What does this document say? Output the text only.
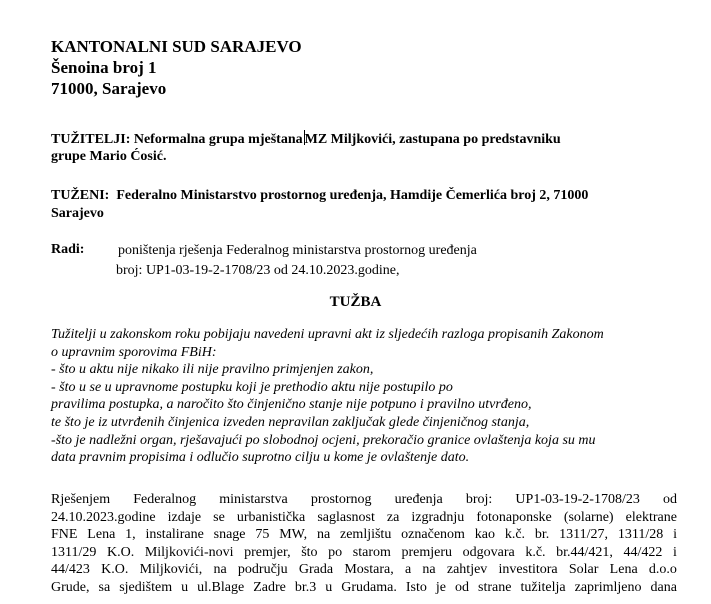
KANTONALNI SUD SARAJEVO
Šenoina broj 1
71000, Sarajevo
TUŽITELJI: Neformalna grupa mještana MZ Miljkovići, zastupana po predstavniku
grupe Mario Ćosić.
TUŽENI: Federalno Ministarstvo prostornog uređenja, Hamdije Čemerlića broj 2, 71000
Sarajevo
Radi: poništenja rješenja Federalnog ministarstva prostornog uređenja
broj: UP1-03-19-2-1708/23 od 24.10.2023.godine,
TUŽBA
Tužitelji u zakonskom roku pobijaju navedeni upravni akt iz sljedećih razloga propisanih Zakonom
o upravnim sporovima FBiH:
- što u aktu nije nikako ili nije pravilno primjenjen zakon,
- što u se u upravnome postupku koji je prethodio aktu nije postupilo po
pravilima postupka, a naročito što činjenično stanje nije potpuno i pravilno utvrđeno,
te što je iz utvrđenih činjenica izveden nepravilan zaključak glede činjeničnog stanja,
-što je nadležni organ, rješavajući po slobodnoj ocjeni, prekoračio granice ovlaštenja koja su mu
data pravnim propisima i odlučio suprotno cilju u kome je ovlaštenje dato.
Rješenjem Federalnog ministarstva prostornog uređenja broj: UP1-03-19-2-1708/23 od
24.10.2023.godine izdaje se urbanistička saglasnost za izgradnju fotonaponske (solarne) elektrane
FNE Lena 1, instalirane snage 75 MW, na zemljištu označenom kao k.č. br. 1311/27, 1311/28 i
1311/29 K.O. Miljkovići-novi premjer, što po starom premjeru odgovara k.č. br.44/421, 44/422 i
44/423 K.O. Miljkovići, na području Grada Mostara, a na zahtjev investitora Solar Lena d.o.o
Grude, sa sjedištem u ul.Blage Zadre br.3 u Grudama. Isto je od strane tužitelja zaprimljeno dana
